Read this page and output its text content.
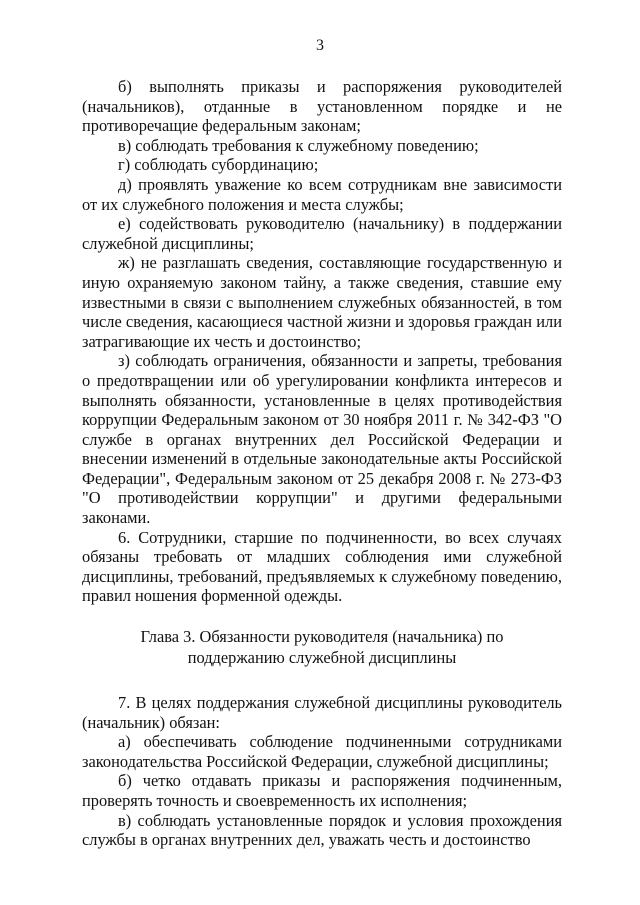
3

б) выполнять приказы и распоряжения руководителей (начальников), отданные в установленном порядке и не противоречащие федеральным законам;

в) соблюдать требования к служебному поведению;

г) соблюдать субординацию;

д) проявлять уважение ко всем сотрудникам вне зависимости от их служебного положения и места службы;

е) содействовать руководителю (начальнику) в поддержании служебной дисциплины;

ж) не разглашать сведения, составляющие государственную и иную охраняемую законом тайну, а также сведения, ставшие ему известными в связи с выполнением служебных обязанностей, в том числе сведения, касающиеся частной жизни и здоровья граждан или затрагивающие их честь и достоинство;

з) соблюдать ограничения, обязанности и запреты, требования о предотвращении или об урегулировании конфликта интересов и выполнять обязанности, установленные в целях противодействия коррупции Федеральным законом от 30 ноября 2011 г. № 342-ФЗ "О службе в органах внутренних дел Российской Федерации и внесении изменений в отдельные законодательные акты Российской Федерации", Федеральным законом от 25 декабря 2008 г. № 273-ФЗ "О противодействии коррупции" и другими федеральными законами.

6. Сотрудники, старшие по подчиненности, во всех случаях обязаны требовать от младших соблюдения ими служебной дисциплины, требований, предъявляемых к служебному поведению, правил ношения форменной одежды.

Глава 3. Обязанности руководителя (начальника) по
поддержанию служебной дисциплины

7. В целях поддержания служебной дисциплины руководитель (начальник) обязан:

а) обеспечивать соблюдение подчиненными сотрудниками законодательства Российской Федерации, служебной дисциплины;

б) четко отдавать приказы и распоряжения подчиненным, проверять точность и своевременность их исполнения;

в) соблюдать установленные порядок и условия прохождения службы в органах внутренних дел, уважать честь и достоинство
